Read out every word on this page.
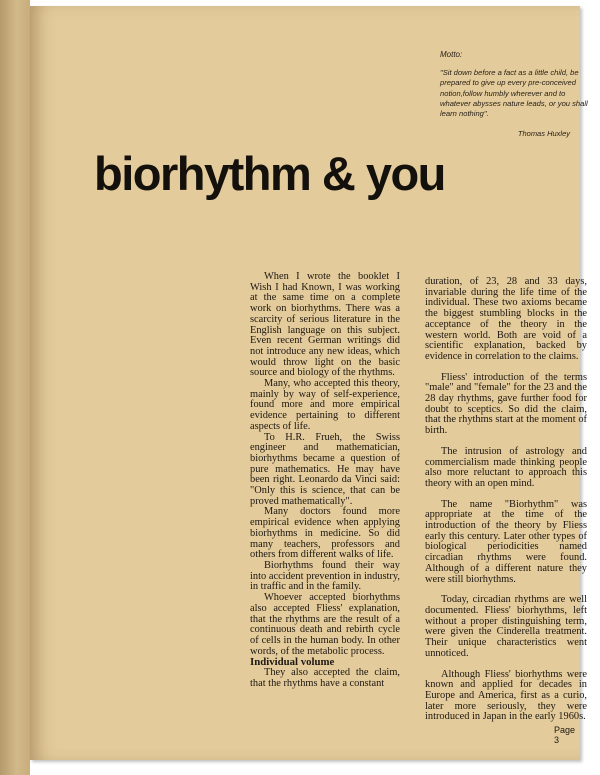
Motto:

"Sit down before a fact as a little child, be prepared to give up every pre-conceived notion,follow humbly wherever and to whatever abysses nature leads, or you shall learn nothing".

Thomas Huxley
biorhythm & you

When I wrote the booklet I Wish I had Known, I was working at the same time on a complete work on biorhythms. There was a scarcity of serious literature in the English language on this subject. Even recent German writings did not introduce any new ideas, which would throw light on the basic source and biology of the rhythms.

Many, who accepted this theory, mainly by way of self-experience, found more and more empirical evidence pertaining to different aspects of life.

To H.R. Frueh, the Swiss engineer and mathematician, biorhythms became a question of pure mathematics. He may have been right. Leonardo da Vinci said: "Only this is science, that can be proved mathematically".

Many doctors found more empirical evidence when applying biorhythms in medicine. So did many teachers, professors and others from different walks of life.

Biorhythms found their way into accident prevention in industry, in traffic and in the family.

Whoever accepted biorhythms also accepted Fliess' explanation, that the rhythms are the result of a continuous death and rebirth cycle of cells in the human body. In other words, of the metabolic process.

Individual volume

They also accepted the claim, that the rhythms have a constant

duration, of 23, 28 and 33 days, invariable during the life time of the individual. These two axioms became the biggest stumbling blocks in the acceptance of the theory in the western world. Both are void of a scientific explanation, backed by evidence in correlation to the claims.

Fliess' introduction of the terms "male" and "female" for the 23 and the 28 day rhythms, gave further food for doubt to sceptics. So did the claim, that the rhythms start at the moment of birth.

The intrusion of astrology and commercialism made thinking people also more reluctant to approach this theory with an open mind.

The name "Biorhythm" was appropriate at the time of the introduction of the theory by Fliess early this century. Later other types of biological periodicities named circadian rhythms were found. Although of a different nature they were still biorhythms.

Today, circadian rhythms are well documented. Fliess' biorhythms, left without a proper distinguishing term, were given the Cinderella treatment. Their unique characteristics went unnoticed.

Although Fliess' biorhythms were known and applied for decades in Europe and America, first as a curio, later more seriously, they were introduced in Japan in the early 1960s.

Page 3
